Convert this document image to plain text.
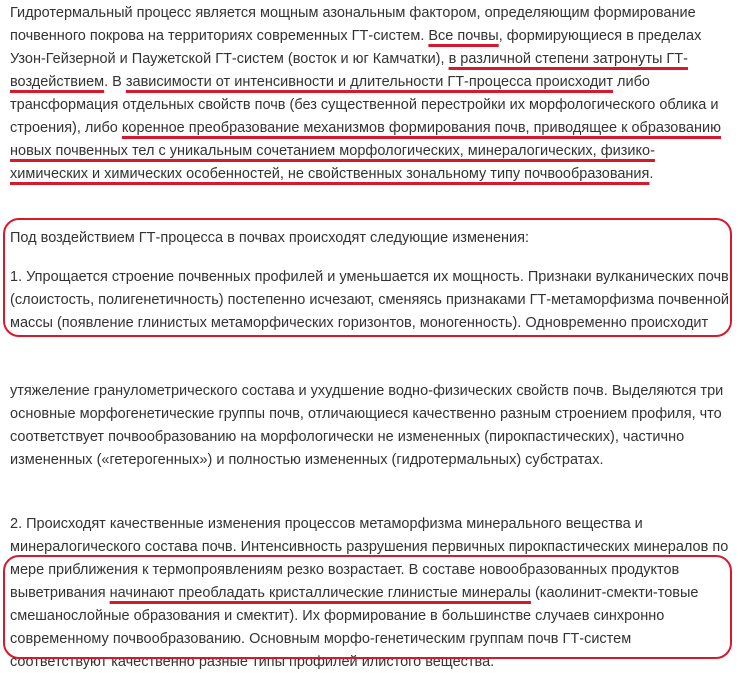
Гидротермальный процесс является мощным азональным фактором, определяющим формирование почвенного покрова на территориях современных ГТ-систем. Все почвы, формирующиеся в пределах Узон-Гейзерной и Паужетской ГТ-систем (восток и юг Камчатки), в различной степени затронуты ГТ-воздействием. В зависимости от интенсивности и длительности ГТ-процесса происходит либо трансформация отдельных свойств почв (без существенной перестройки их морфологического облика и строения), либо коренное преобразование механизмов формирования почв, приводящее к образованию новых почвенных тел с уникальным сочетанием морфологических, минералогических, физико-химических и химических особенностей, не свойственных зональному типу почвообразования.

Под воздействием ГТ-процесса в почвах происходят следующие изменения:

1. Упрощается строение почвенных профилей и уменьшается их мощность. Признаки вулканических почв (слоистость, полигенетичность) постепенно исчезают, сменяясь признаками ГТ-метаморфизма почвенной массы (появление глинистых метаморфических горизонтов, моногенность). Одновременно происходит

утяжеление гранулометрического состава и ухудшение водно-физических свойств почв. Выделяются три основные морфогенетические группы почв, отличающиеся качественно разным строением профиля, что соответствует почвообразованию на морфологически не измененных (пирокпастических), частично измененных («гетерогенных») и полностью измененных (гидротермальных) субстратах.

2. Происходят качественные изменения процессов метаморфизма минерального вещества и минералогического состава почв. Интенсивность разрушения первичных пирокпастических минералов по мере приближения к термопроявлениям резко возрастает. В составе новообразованных продуктов выветривания начинают преобладать кристаллические глинистые минералы (каолинит-смекти-товые смешанослойные образования и смектит). Их формирование в большинстве случаев синхронно современному почвообразованию. Основным морфо-генетическим группам почв ГТ-систем соответствуют качественно разные типы профилей илистого вещества.
